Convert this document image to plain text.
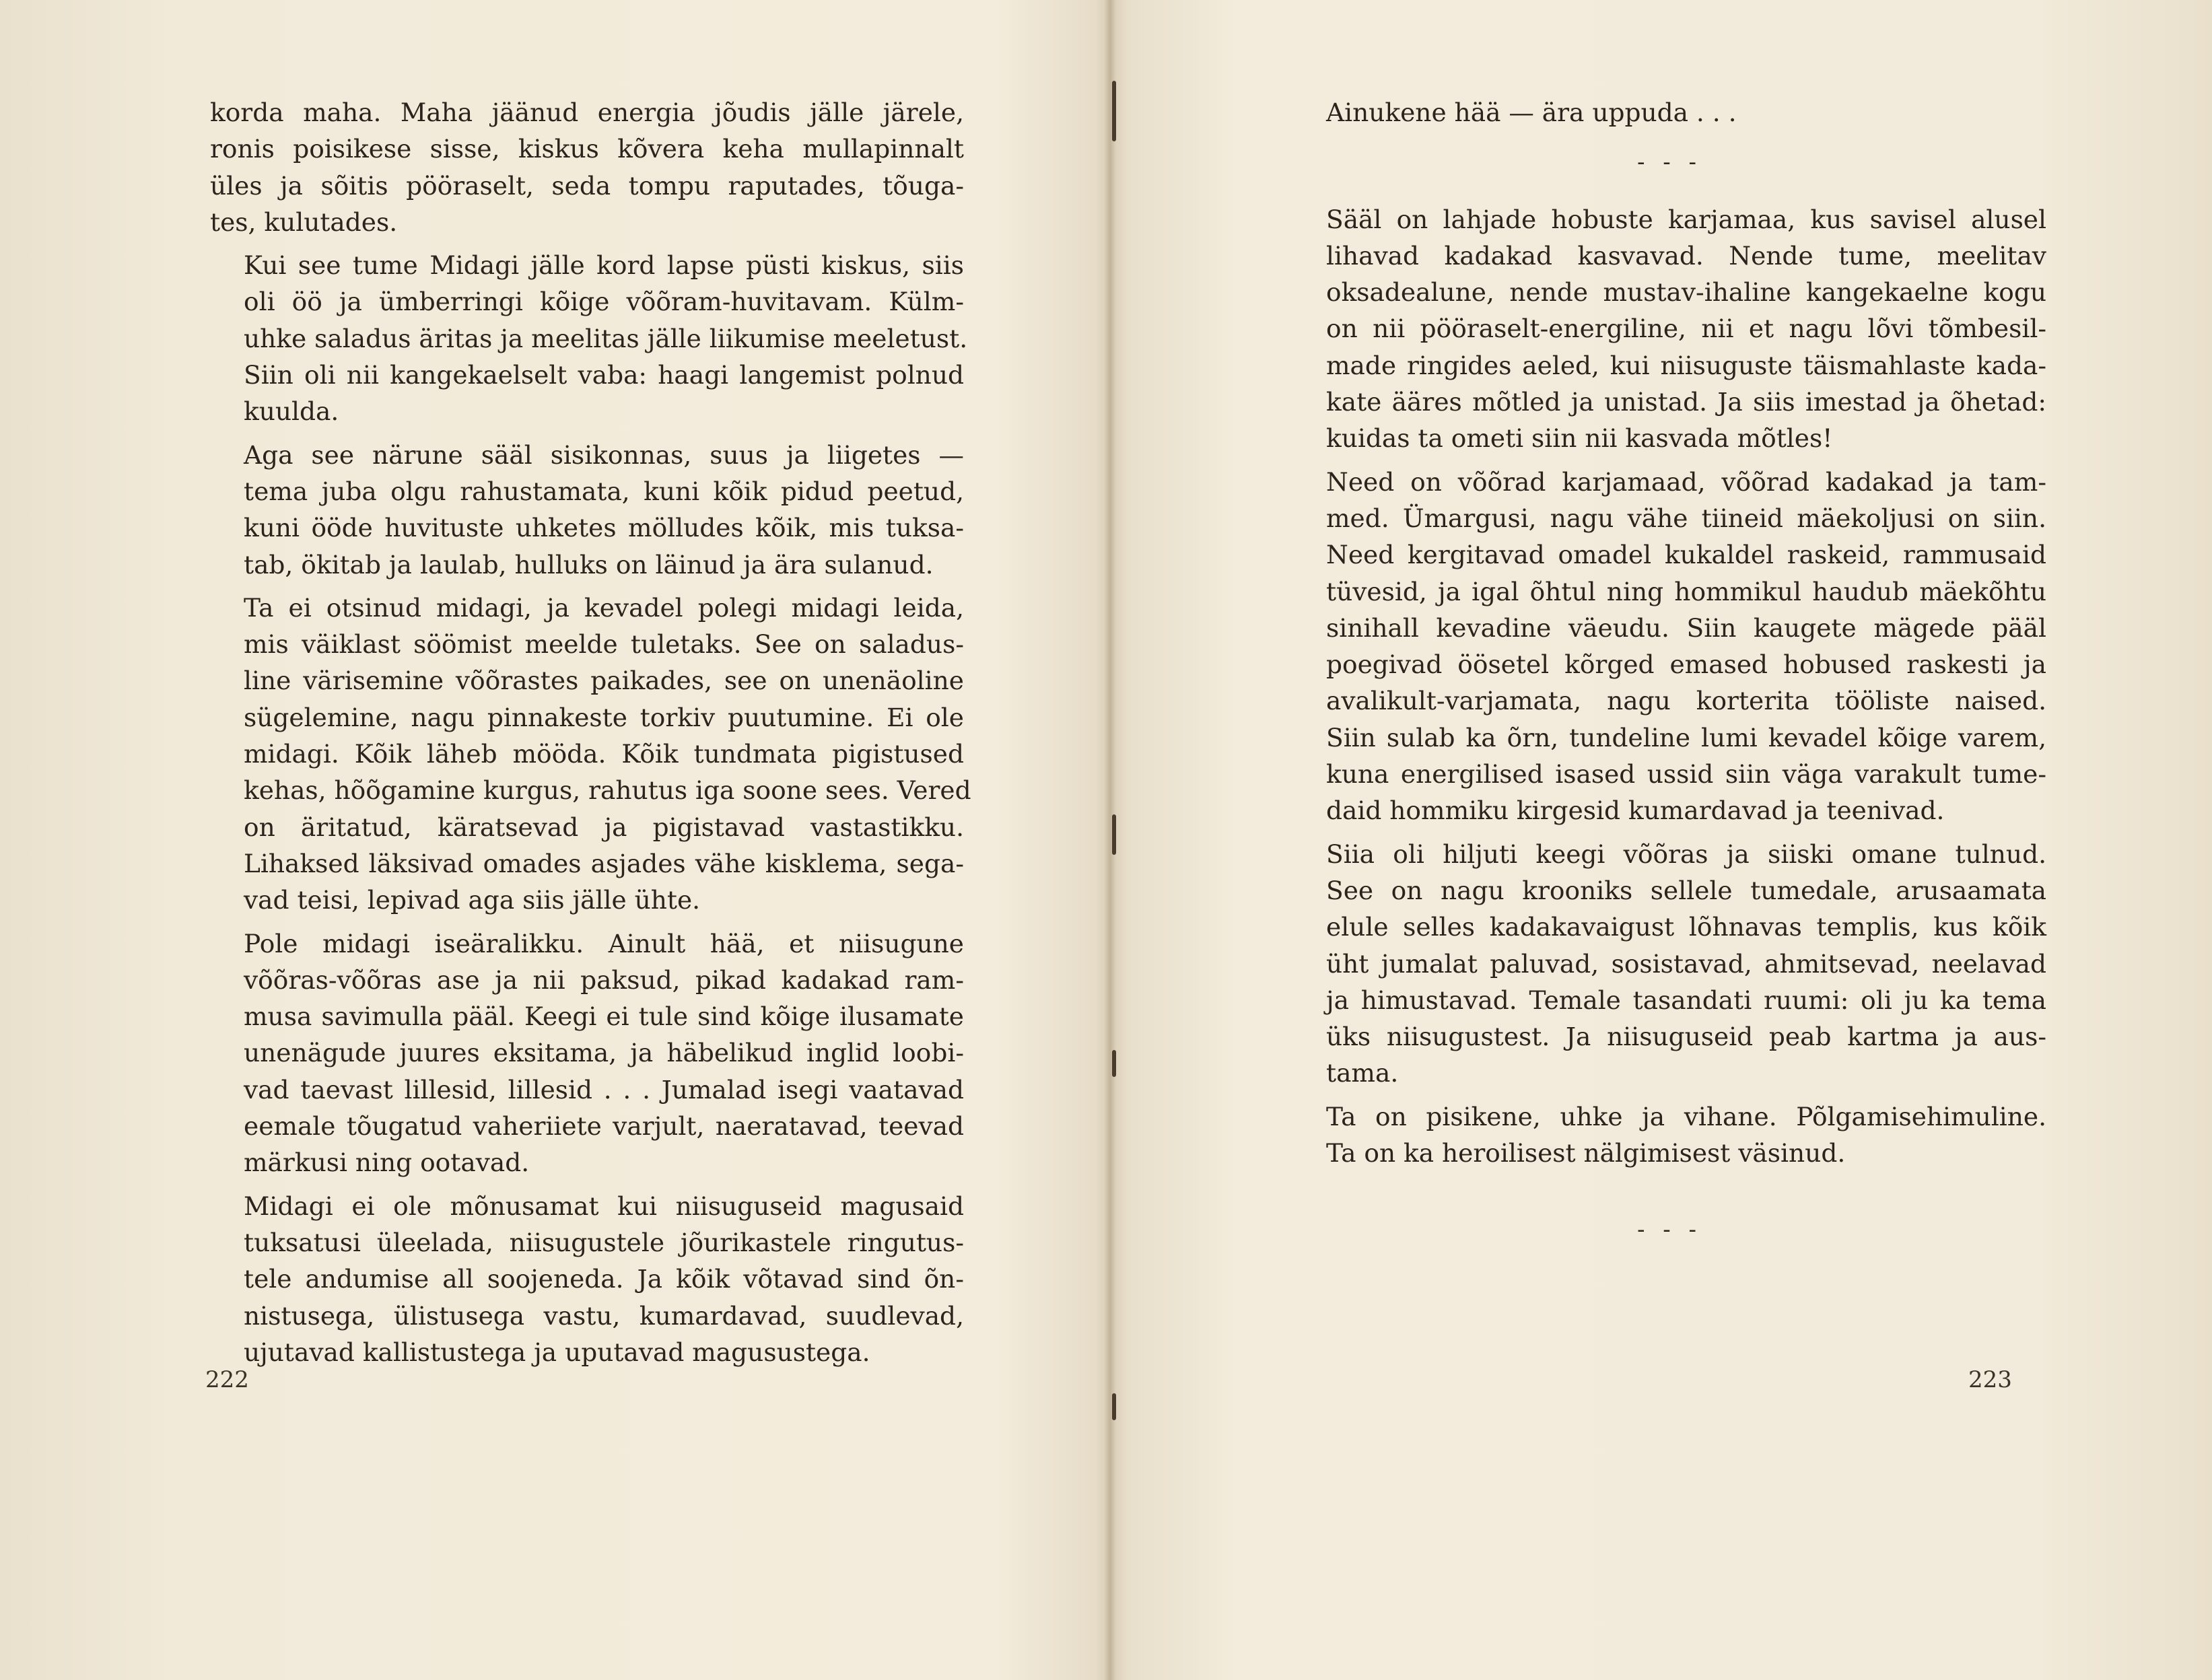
korda maha. Maha jäänud energia jõudis jälle järele,
ronis poisikese sisse, kiskus kõvera keha mullapinnalt
üles ja sõitis pööraselt, seda tompu raputades, tõuga-
tes, kulutades.

Kui see tume Midagi jälle kord lapse püsti kiskus, siis
oli öö ja ümberringi kõige võõram-huvitavam. Külm-
uhke saladus äritas ja meelitas jälle liikumise meeletust.
Siin oli nii kangekaelselt vaba: haagi langemist polnud
kuulda.

Aga see närune sääl sisikonnas, suus ja liigetes —
tema juba olgu rahustamata, kuni kõik pidud peetud,
kuni ööde huvituste uhketes mölludes kõik, mis tuksa-
tab, ökitab ja laulab, hulluks on läinud ja ära sulanud.

Ta ei otsinud midagi, ja kevadel polegi midagi leida,
mis väiklast söömist meelde tuletaks. See on saladus-
line värisemine võõrastes paikades, see on unenäoline
sügelemine, nagu pinnakeste torkiv puutumine. Ei ole
midagi. Kõik läheb mööda. Kõik tundmata pigistused
kehas, hõõgamine kurgus, rahutus iga soone sees. Vered
on äritatud, käratsevad ja pigistavad vastastikku.
Lihaksed läksivad omades asjades vähe kisklema, sega-
vad teisi, lepivad aga siis jälle ühte.

Pole midagi iseäralikku. Ainult hää, et niisugune
võõras-võõras ase ja nii paksud, pikad kadakad ram-
musa savimulla pääl. Keegi ei tule sind kõige ilusamate
unenägude juures eksitama, ja häbelikud inglid loobi-
vad taevast lillesid, lillesid . . . Jumalad isegi vaatavad
eemale tõugatud vaheriiete varjult, naeratavad, teevad
märkusi ning ootavad.

Midagi ei ole mõnusamat kui niisuguseid magusaid
tuksatusi üleelada, niisugustele jõurikastele ringutus-
tele andumise all soojeneda. Ja kõik võtavad sind õn-
nistusega, ülistusega vastu, kumardavad, suudlevad,
ujutavad kallistustega ja uputavad magusustega.

222

Ainukene hää — ära uppuda . . .

- - -

Sääl on lahjade hobuste karjamaa, kus savisel alusel
lihavad kadakad kasvavad. Nende tume, meelitav
oksadealune, nende mustav-ihaline kangekaelne kogu
on nii pööraselt-energiline, nii et nagu lõvi tõmbesil-
made ringides aeled, kui niisuguste täismahlaste kada-
kate ääres mõtled ja unistad. Ja siis imestad ja õhetad:
kuidas ta ometi siin nii kasvada mõtles!

Need on võõrad karjamaad, võõrad kadakad ja tam-
med. Ümargusi, nagu vähe tiineid mäekoljusi on siin.
Need kergitavad omadel kukaldel raskeid, rammusaid
tüvesid, ja igal õhtul ning hommikul haudub mäekõhtu
sinihall kevadine väeudu. Siin kaugete mägede pääl
poegivad öösetel kõrged emased hobused raskesti ja
avalikult-varjamata, nagu korterita tööliste naised.
Siin sulab ka õrn, tundeline lumi kevadel kõige varem,
kuna energilised isased ussid siin väga varakult tume-
daid hommiku kirgesid kumardavad ja teenivad.

Siia oli hiljuti keegi võõras ja siiski omane tulnud.
See on nagu krooniks sellele tumedale, arusaamata
elule selles kadakavaigust lõhnavas templis, kus kõik
üht jumalat paluvad, sosistavad, ahmitsevad, neelavad
ja himustavad. Temale tasandati ruumi: oli ju ka tema
üks niisugustest. Ja niisuguseid peab kartma ja aus-
tama.

Ta on pisikene, uhke ja vihane. Põlgamisehimuline.
Ta on ka heroilisest nälgimisest väsinud.

- - -
223
